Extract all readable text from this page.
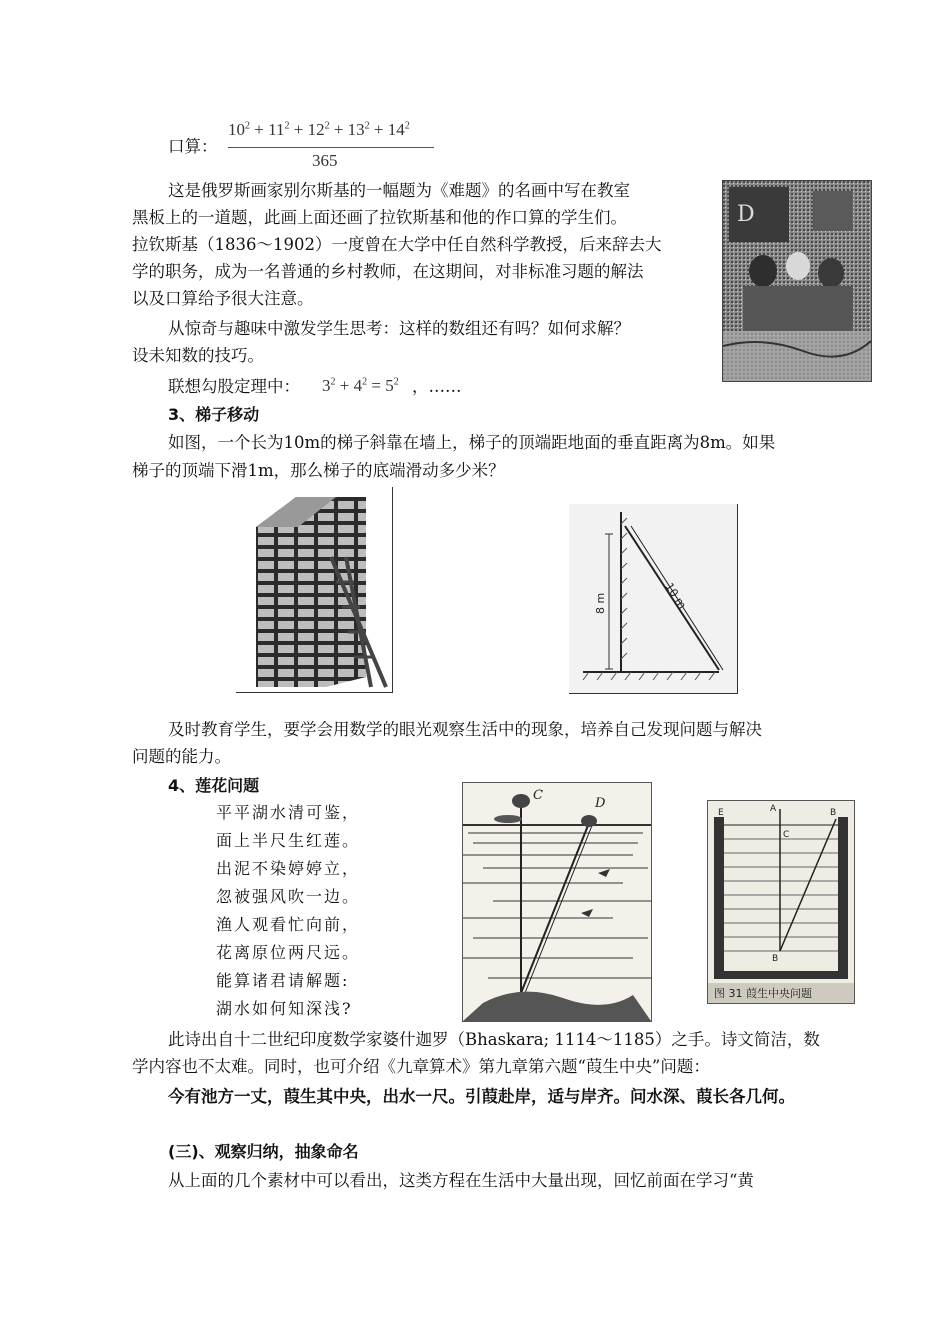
口算：
$10^2 + 11^2 + 12^2 + 13^2 + 14^2$
365
这是俄罗斯画家别尔斯基的一幅题为《难题》的名画中写在教室
黑板上的一道题，此画上面还画了拉钦斯基和他的作口算的学生们。
拉钦斯基（1836～1902）一度曾在大学中任自然科学教授，后来辞去大
学的职务，成为一名普通的乡村教师，在这期间，对非标准习题的解法
以及口算给予很大注意。
从惊奇与趣味中激发学生思考：这样的数组还有吗？如何求解？
设未知数的技巧。
D
联想勾股定理中： $3^2 + 4^2 = 5^2$ ，……
3、梯子移动
如图，一个长为10m的梯子斜靠在墙上，梯子的顶端距地面的垂直距离为8m。如果
梯子的顶端下滑1m，那么梯子的底端滑动多少米？
8 m	10 m
及时教育学生，要学会用数学的眼光观察生活中的现象，培养自己发现问题与解决
问题的能力。
4、莲花问题
平平湖水清可鉴，
面上半尺生红莲。
出泥不染婷婷立，
忽被强风吹一边。
渔人观看忙向前，
花离原位两尺远。
能算诸君请解题:
湖水如何知深浅?
C
D	A	B
E
C
B
图 31 葭生中央问题
此诗出自十二世纪印度数学家婆什迦罗（Bhaskara; 1114～1185）之手。诗文简洁，数
学内容也不太难。同时，也可介绍《九章算术》第九章第六题“葭生中央”问题：
今有池方一丈，葭生其中央，出水一尺。引葭赴岸，适与岸齐。问水深、葭长各几何。
(三)、观察归纳，抽象命名
从上面的几个素材中可以看出，这类方程在生活中大量出现，回忆前面在学习“黄
